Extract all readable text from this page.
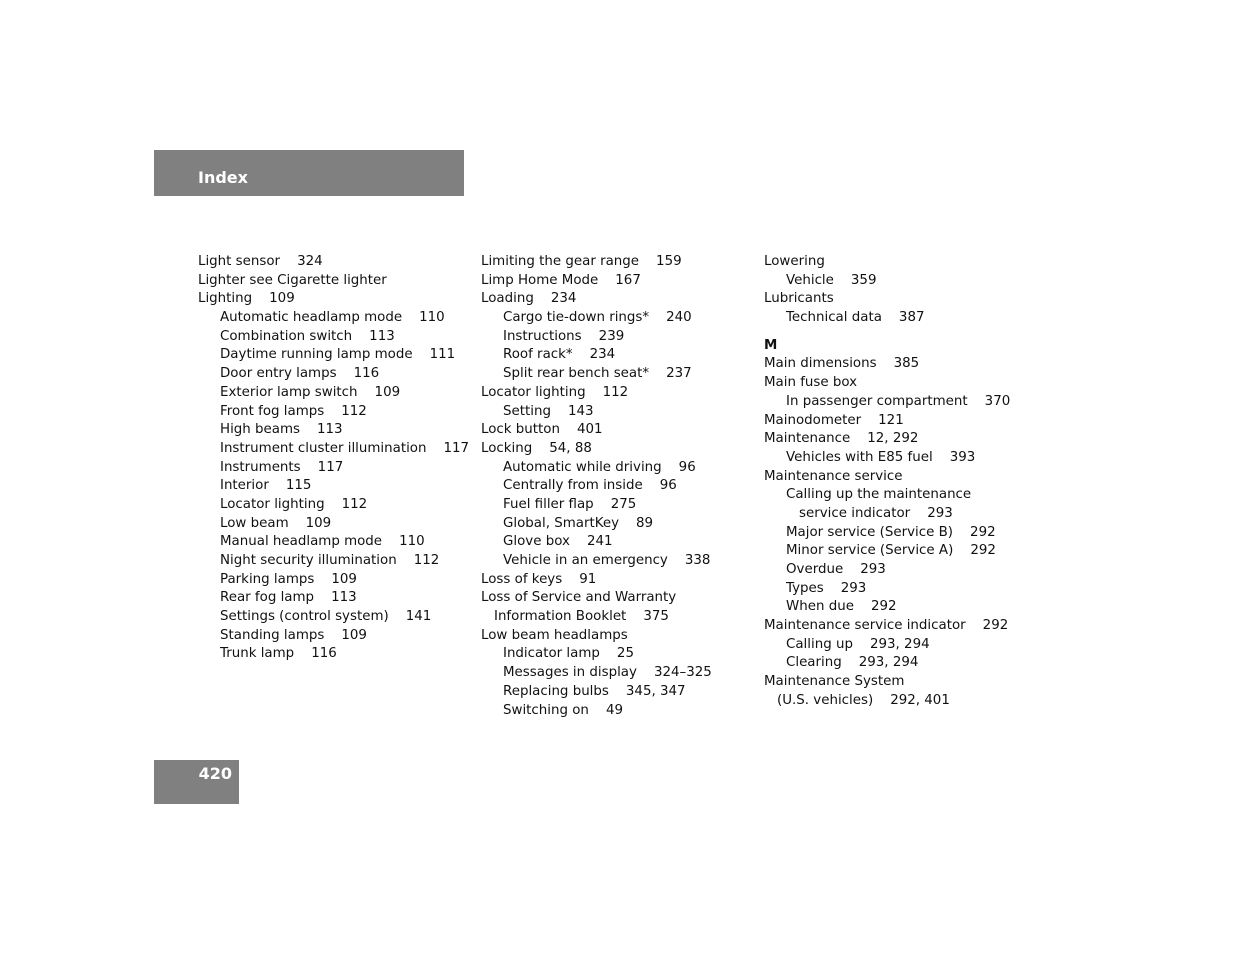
Index
Light sensor    324
Lighter see Cigarette lighter
Lighting    109
Automatic headlamp mode    110
Combination switch    113
Daytime running lamp mode    111
Door entry lamps    116
Exterior lamp switch    109
Front fog lamps    112
High beams    113
Instrument cluster illumination    117
Instruments    117
Interior    115
Locator lighting    112
Low beam    109
Manual headlamp mode    110
Night security illumination    112
Parking lamps    109
Rear fog lamp    113
Settings (control system)    141
Standing lamps    109
Trunk lamp    116
Limiting the gear range    159
Limp Home Mode    167
Loading    234
Cargo tie-down rings*    240
Instructions    239
Roof rack*    234
Split rear bench seat*    237
Locator lighting    112
Setting    143
Lock button    401
Locking    54, 88
Automatic while driving    96
Centrally from inside    96
Fuel filler flap    275
Global, SmartKey    89
Glove box    241
Vehicle in an emergency    338
Loss of keys    91
Loss of Service and Warranty
Information Booklet    375
Low beam headlamps
Indicator lamp    25
Messages in display    324–325
Replacing bulbs    345, 347
Switching on    49
Lowering
Vehicle    359
Lubricants
Technical data    387
M
Main dimensions    385
Main fuse box
In passenger compartment    370
Mainodometer    121
Maintenance    12, 292
Vehicles with E85 fuel    393
Maintenance service
Calling up the maintenance
service indicator    293
Major service (Service B)    292
Minor service (Service A)    292
Overdue    293
Types    293
When due    292
Maintenance service indicator    292
Calling up    293, 294
Clearing    293, 294
Maintenance System
(U.S. vehicles)    292, 401
420
